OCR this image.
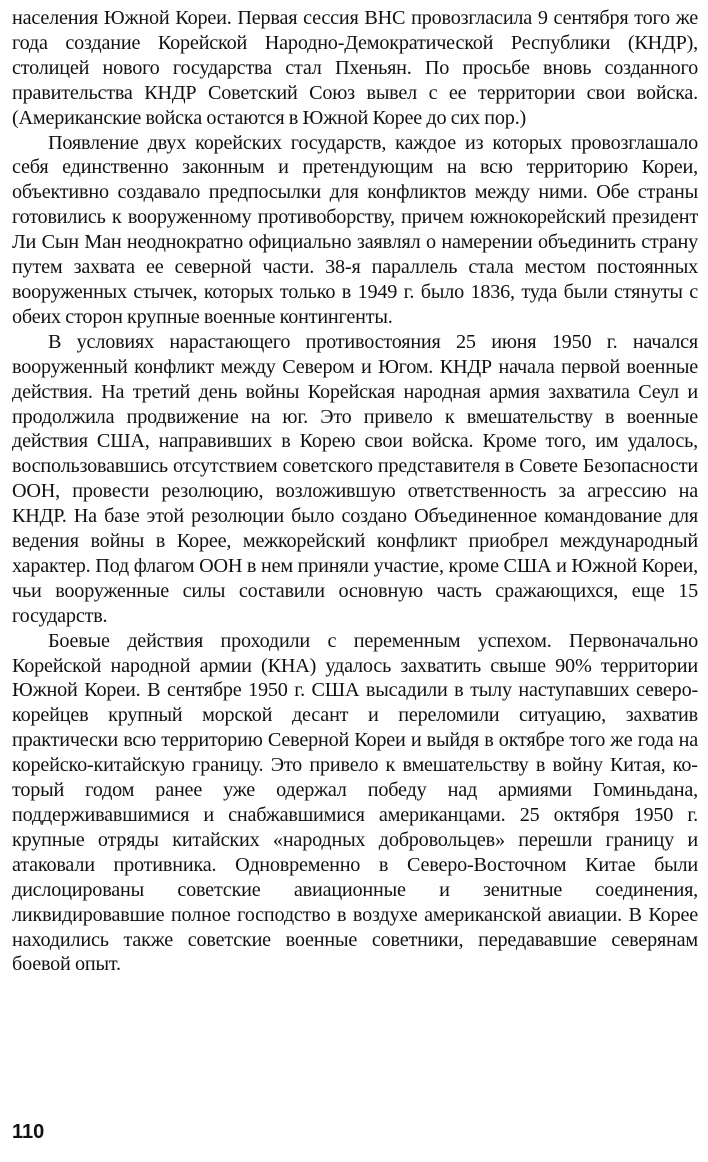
населения Южной Кореи. Первая сессия ВНС провозгласила 9 сентября того же года создание Корейской Народно-Демократической Республики (КНДР), столицей нового государства стал Пхеньян. По просьбе вновь созданного правительства КНДР Советский Союз вывел с ее территории свои войска. (Американские войска остаются в Южной Корее до сих пор.)

Появление двух корейских государств, каждое из которых провозглашало себя единственно законным и претендующим на всю территорию Кореи, объективно создавало предпосылки для конфликтов между ними. Обе страны готовились к вооруженному противоборству, причем южнокорейский президент Ли Сын Ман неоднократно официально заявлял о намерении объединить страну путем захвата ее северной части. 38-я параллель стала местом постоянных вооруженных стычек, которых только в 1949 г. было 1836, туда были стянуты с обеих сторон крупные военные контингенты.

В условиях нарастающего противостояния 25 июня 1950 г. начался вооруженный конфликт между Севером и Югом. КНДР начала первой военные действия. На третий день войны Корейская народная армия захватила Сеул и продолжила продвижение на юг. Это привело к вмешательству в военные действия США, направивших в Корею свои войска. Кроме того, им удалось, воспользовавшись отсутствием советского представителя в Совете Безопасности ООН, провести резолюцию, возложившую ответственность за агрессию на КНДР. На базе этой резолюции было создано Объединенное командование для ведения войны в Корее, межкорейский конфликт приобрел международный характер. Под флагом ООН в нем приняли участие, кроме США и Южной Кореи, чьи вооруженные силы составили основную часть сражающихся, еще 15 государств.

Боевые действия проходили с переменным успехом. Первоначально Корейской народной армии (КНА) удалось захватить свыше 90% территории Южной Кореи. В сентябре 1950 г. США высадили в тылу наступавших северо-корейцев крупный морской десант и переломили ситуацию, захватив практически всю территорию Северной Кореи и выйдя в октябре того же года на корейско-китайскую границу. Это привело к вмешательству в войну Китая, который годом ранее уже одержал победу над армиями Гоминьдана, поддерживавшимися и снабжавшимися американцами. 25 октября 1950 г. крупные отряды китайских «народных добровольцев» перешли границу и атаковали противника. Одновременно в Северо-Восточном Китае были дислоцированы советские авиационные и зенитные соединения, ликвидировавшие полное господство в воздухе американской авиации. В Корее находились также советские военные советники, передававшие северянам боевой опыт.

110
